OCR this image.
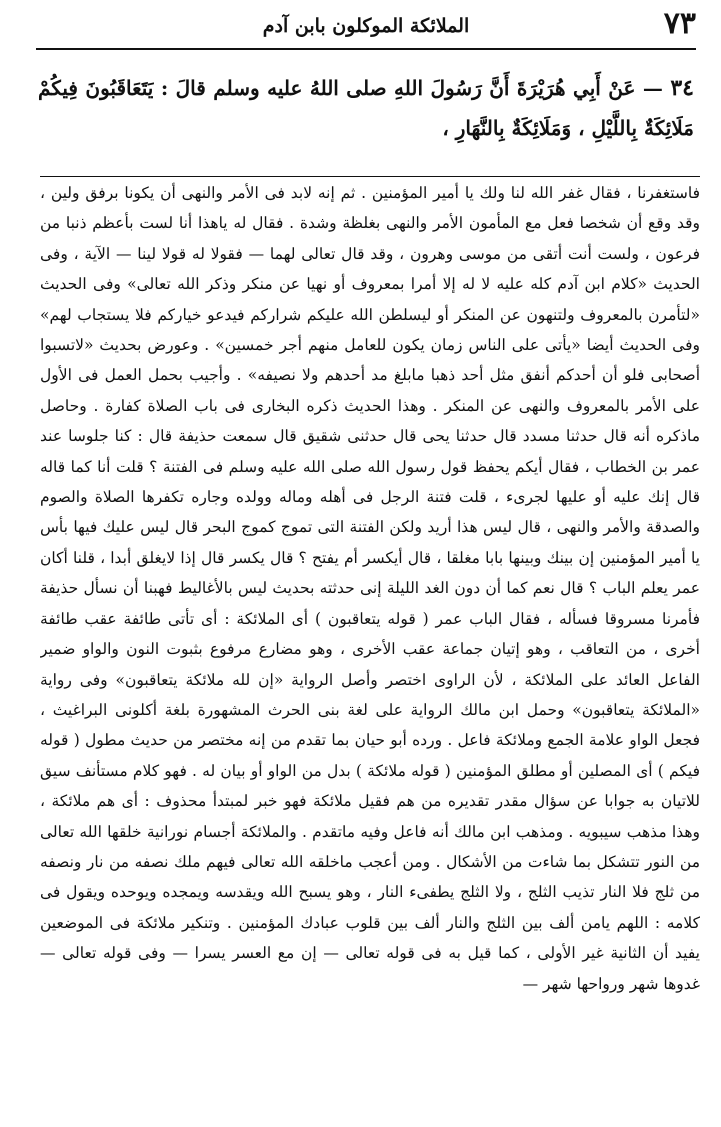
٧٣
الملائكة الموكلون بابن آدم
٣٤ — عَنْ أَبِي هُرَيْرَةَ أَنَّ رَسُولَ اللهِ صلى اللهُ عليه وسلم قالَ : يَتَعَاقَبُونَ فِيكُمْ مَلَائِكَةٌ بِاللَّيْلِ ، وَمَلَائِكَةٌ بِالنَّهَارِ ،
فاستغفرنا ، فقال غفر الله لنا ولك يا أمير المؤمنين . ثم إنه لابد فى الأمر والنهى أن يكونا برفق ولين ، وقد وقع أن شخصا فعل مع المأمون الأمر والنهى بغلظة وشدة . فقال له ياهذا أنا لست بأعظم ذنبا من فرعون ، ولست أنت أتقى من موسى وهرون ، وقد قال تعالى لهما — فقولا له قولا لينا — الآية ، وفى الحديث «كلام ابن آدم كله عليه لا له إلا أمرا بمعروف أو نهيا عن منكر وذكر الله تعالى» وفى الحديث «لتأمرن بالمعروف ولتنهون عن المنكر أو ليسلطن الله عليكم شراركم فيدعو خياركم فلا يستجاب لهم» وفى الحديث أيضا «يأتى على الناس زمان يكون للعامل منهم أجر خمسين» . وعورض بحديث «لاتسبوا أصحابى فلو أن أحدكم أنفق مثل أحد ذهبا مابلغ مد أحدهم ولا نصيفه» . وأجيب بحمل العمل فى الأول على الأمر بالمعروف والنهى عن المنكر . وهذا الحديث ذكره البخارى فى باب الصلاة كفارة . وحاصل ماذكره أنه قال حدثنا مسدد قال حدثنا يحى قال حدثنى شقيق قال سمعت حذيفة قال : كنا جلوسا عند عمر بن الخطاب ، فقال أيكم يحفظ قول رسول الله صلى الله عليه وسلم فى الفتنة ؟ قلت أنا كما قاله قال إنك عليه أو عليها لجرىء ، قلت فتنة الرجل فى أهله وماله وولده وجاره تكفرها الصلاة والصوم والصدقة والأمر والنهى ، قال ليس هذا أريد ولكن الفتنة التى تموج كموج البحر قال ليس عليك فيها بأس يا أمير المؤمنين إن بينك وبينها بابا مغلقا ، قال أيكسر أم يفتح ؟ قال يكسر قال إذا لايغلق أبدا ، قلنا أكان عمر يعلم الباب ؟ قال نعم كما أن دون الغد الليلة إنى حدثته بحديث ليس بالأغاليط فهبنا أن نسأل حذيفة فأمرنا مسروقا فسأله ، فقال الباب عمر ( قوله يتعاقبون ) أى الملائكة : أى تأتى طائفة عقب طائفة أخرى ، من التعاقب ، وهو إتيان جماعة عقب الأخرى ، وهو مضارع مرفوع بثبوت النون والواو ضمير الفاعل العائد على الملائكة ، لأن الراوى اختصر وأصل الرواية «إن لله ملائكة يتعاقبون» وفى رواية «الملائكة يتعاقبون» وحمل ابن مالك الرواية على لغة بنى الحرث المشهورة بلغة أكلونى البراغيث ، فجعل الواو علامة الجمع وملائكة فاعل . ورده أبو حيان بما تقدم من إنه مختصر من حديث مطول ( قوله فيكم ) أى المصلين أو مطلق المؤمنين ( قوله ملائكة ) بدل من الواو أو بيان له . فهو كلام مستأنف سيق للاتيان به جوابا عن سؤال مقدر تقديره من هم فقيل ملائكة فهو خبر لمبتدأ محذوف : أى هم ملائكة ، وهذا مذهب سيبويه . ومذهب ابن مالك أنه فاعل وفيه ماتقدم . والملائكة أجسام نورانية خلقها الله تعالى من النور تتشكل بما شاءت من الأشكال . ومن أعجب ماخلقه الله تعالى فيهم ملك نصفه من نار ونصفه من ثلج فلا النار تذيب الثلج ، ولا الثلج يطفىء النار ، وهو يسبح الله ويقدسه ويمجده ويوحده ويقول فى كلامه : اللهم يامن ألف بين الثلج والنار ألف بين قلوب عبادك المؤمنين . وتنكير ملائكة فى الموضعين يفيد أن الثانية غير الأولى ، كما قيل به فى قوله تعالى — إن مع العسر يسرا — وفى قوله تعالى — غدوها شهر ورواحها شهر —
